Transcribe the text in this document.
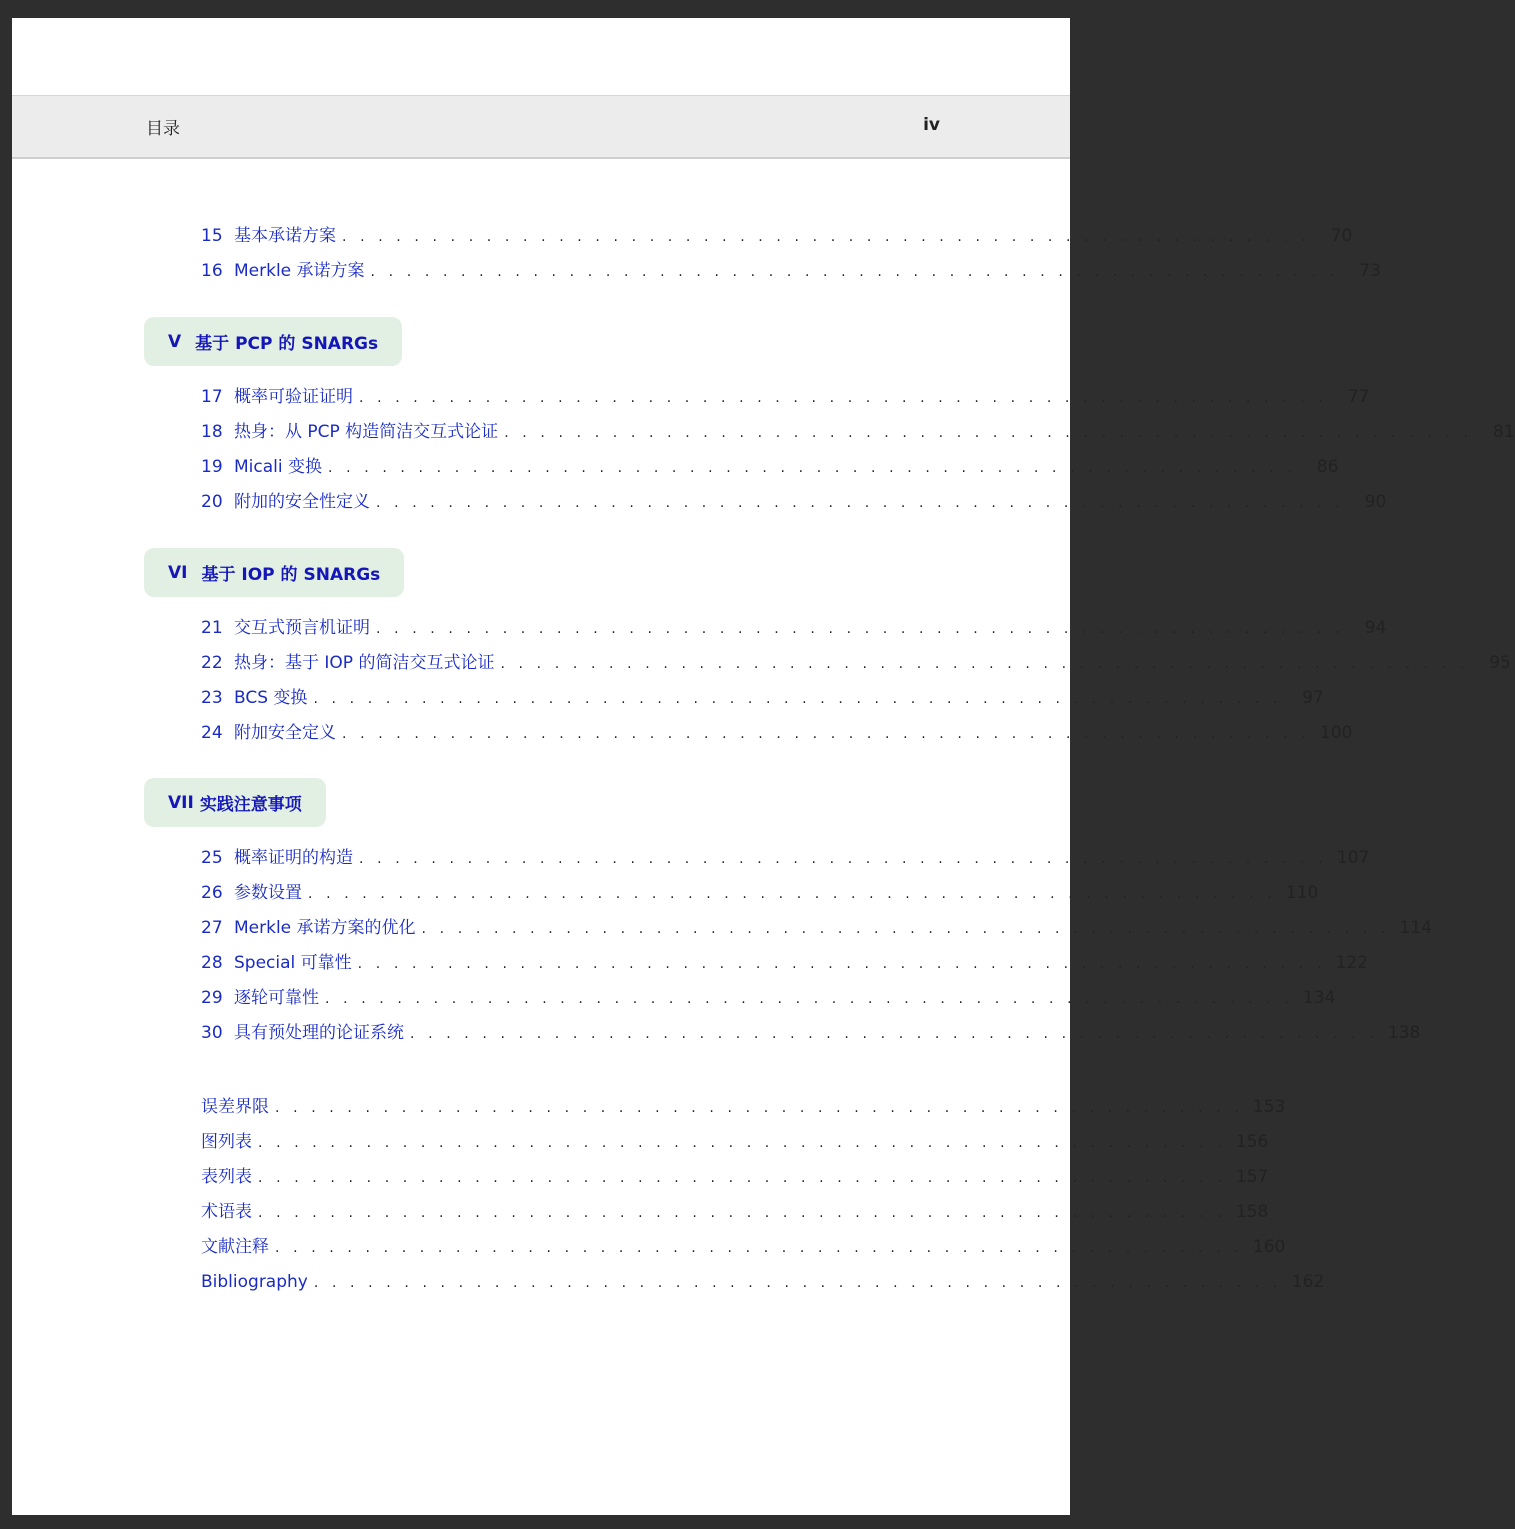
目录	iv
15 基本承诺方案 . . . . . . . . . . . . . . . . . . . . . . . . . . . . . . . . . . . . . . . . . . . . . . . . . . . . . .	70
16 Merkle 承诺方案 . . . . . . . . . . . . . . . . . . . . . . . . . . . . . . . . . . . . . . . . . . . . . . . . . . . . . .	73
V 基于 PCP 的 SNARGs
17 概率可验证证明 . . . . . . . . . . . . . . . . . . . . . . . . . . . . . . . . . . . . . . . . . . . . . . . . . . . . . .	77
18 热身：从 PCP 构造简洁交互式论证 . . . . . . . . . . . . . . . . . . . . . . . . . . . . . . . . . . . . . . . . . . . . . . . . . . . . . .	81
19 Micali 变换 . . . . . . . . . . . . . . . . . . . . . . . . . . . . . . . . . . . . . . . . . . . . . . . . . . . . . .	86
20 附加的安全性定义 . . . . . . . . . . . . . . . . . . . . . . . . . . . . . . . . . . . . . . . . . . . . . . . . . . . . . .	90
VI 基于 IOP 的 SNARGs
21 交互式预言机证明 . . . . . . . . . . . . . . . . . . . . . . . . . . . . . . . . . . . . . . . . . . . . . . . . . . . . . .	94
22 热身：基于 IOP 的简洁交互式论证 . . . . . . . . . . . . . . . . . . . . . . . . . . . . . . . . . . . . . . . . . . . . . . . . . . . . . .	95
23 BCS 变换 . . . . . . . . . . . . . . . . . . . . . . . . . . . . . . . . . . . . . . . . . . . . . . . . . . . . . .	97
24 附加安全定义 . . . . . . . . . . . . . . . . . . . . . . . . . . . . . . . . . . . . . . . . . . . . . . . . . . . . . . 100
VII 实践注意事项
25 概率证明的构造 . . . . . . . . . . . . . . . . . . . . . . . . . . . . . . . . . . . . . . . . . . . . . . . . . . . . . . 107
26 参数设置 . . . . . . . . . . . . . . . . . . . . . . . . . . . . . . . . . . . . . . . . . . . . . . . . . . . . . . 110
27 Merkle 承诺方案的优化 . . . . . . . . . . . . . . . . . . . . . . . . . . . . . . . . . . . . . . . . . . . . . . . . . . . . . . 114
28 Special 可靠性 . . . . . . . . . . . . . . . . . . . . . . . . . . . . . . . . . . . . . . . . . . . . . . . . . . . . . . 122
29 逐轮可靠性 . . . . . . . . . . . . . . . . . . . . . . . . . . . . . . . . . . . . . . . . . . . . . . . . . . . . . . 134
30 具有预处理的论证系统 . . . . . . . . . . . . . . . . . . . . . . . . . . . . . . . . . . . . . . . . . . . . . . . . . . . . . . 138
误差界限 . . . . . . . . . . . . . . . . . . . . . . . . . . . . . . . . . . . . . . . . . . . . . . . . . . . . . . 153
图列表 . . . . . . . . . . . . . . . . . . . . . . . . . . . . . . . . . . . . . . . . . . . . . . . . . . . . . . 156
表列表 . . . . . . . . . . . . . . . . . . . . . . . . . . . . . . . . . . . . . . . . . . . . . . . . . . . . . . 157
术语表 . . . . . . . . . . . . . . . . . . . . . . . . . . . . . . . . . . . . . . . . . . . . . . . . . . . . . . 158
文献注释 . . . . . . . . . . . . . . . . . . . . . . . . . . . . . . . . . . . . . . . . . . . . . . . . . . . . . . 160
Bibliography . . . . . . . . . . . . . . . . . . . . . . . . . . . . . . . . . . . . . . . . . . . . . . . . . . . . . . 162
